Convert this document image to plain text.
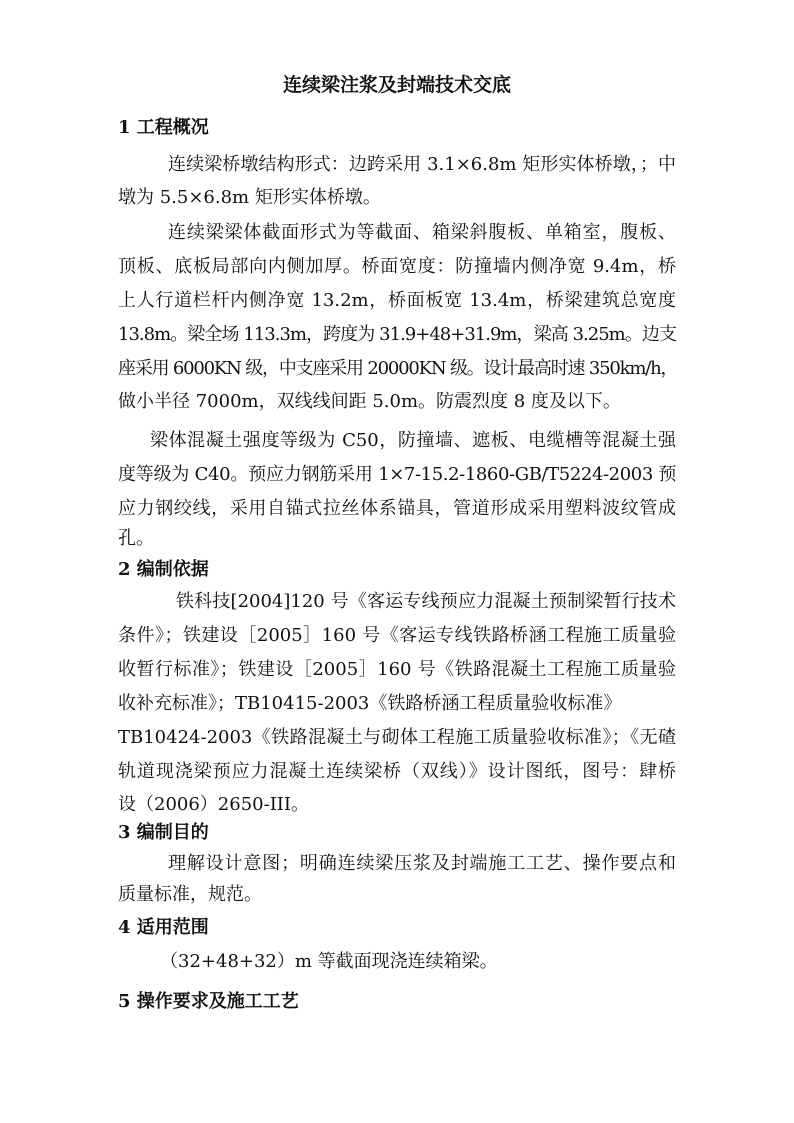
连续梁注浆及封端技术交底
1 工程概况
连续梁桥墩结构形式：边跨采用 3.1×6.8m 矩形实体桥墩，；中
墩为 5.5×6.8m 矩形实体桥墩。
连续梁梁体截面形式为等截面、箱梁斜腹板、单箱室，腹板、
顶板、底板局部向内侧加厚。桥面宽度：防撞墙内侧净宽 9.4m，桥
上人行道栏杆内侧净宽 13.2m，桥面板宽 13.4m，桥梁建筑总宽度
13.8m。梁全场 113.3m，跨度为 31.9+48+31.9m，梁高 3.25m。边支
座采用 6000KN 级，中支座采用 20000KN 级。设计最高时速 350km/h，
做小半径 7000m，双线线间距 5.0m。防震烈度 8 度及以下。
梁体混凝土强度等级为 C50，防撞墙、遮板、电缆槽等混凝土强
度等级为 C40。预应力钢筋采用 1×7-15.2-1860-GB/T5224-2003 预
应力钢绞线，采用自锚式拉丝体系锚具，管道形成采用塑料波纹管成
孔。
2 编制依据
铁科技[2004]120 号《客运专线预应力混凝土预制梁暂行技术
条件》；铁建设［2005］160 号《客运专线铁路桥涵工程施工质量验
收暂行标准》；铁建设［2005］160 号《铁路混凝土工程施工质量验
收补充标准》；TB10415-2003《铁路桥涵工程质量验收标准》
TB10424-2003《铁路混凝土与砌体工程施工质量验收标准》；《无碴
轨道现浇梁预应力混凝土连续梁桥（双线）》设计图纸，图号：肆桥
设（2006）2650-III。
3 编制目的
理解设计意图；明确连续梁压浆及封端施工工艺、操作要点和
质量标准，规范。
4 适用范围
（32+48+32）m 等截面现浇连续箱梁。
5 操作要求及施工工艺
